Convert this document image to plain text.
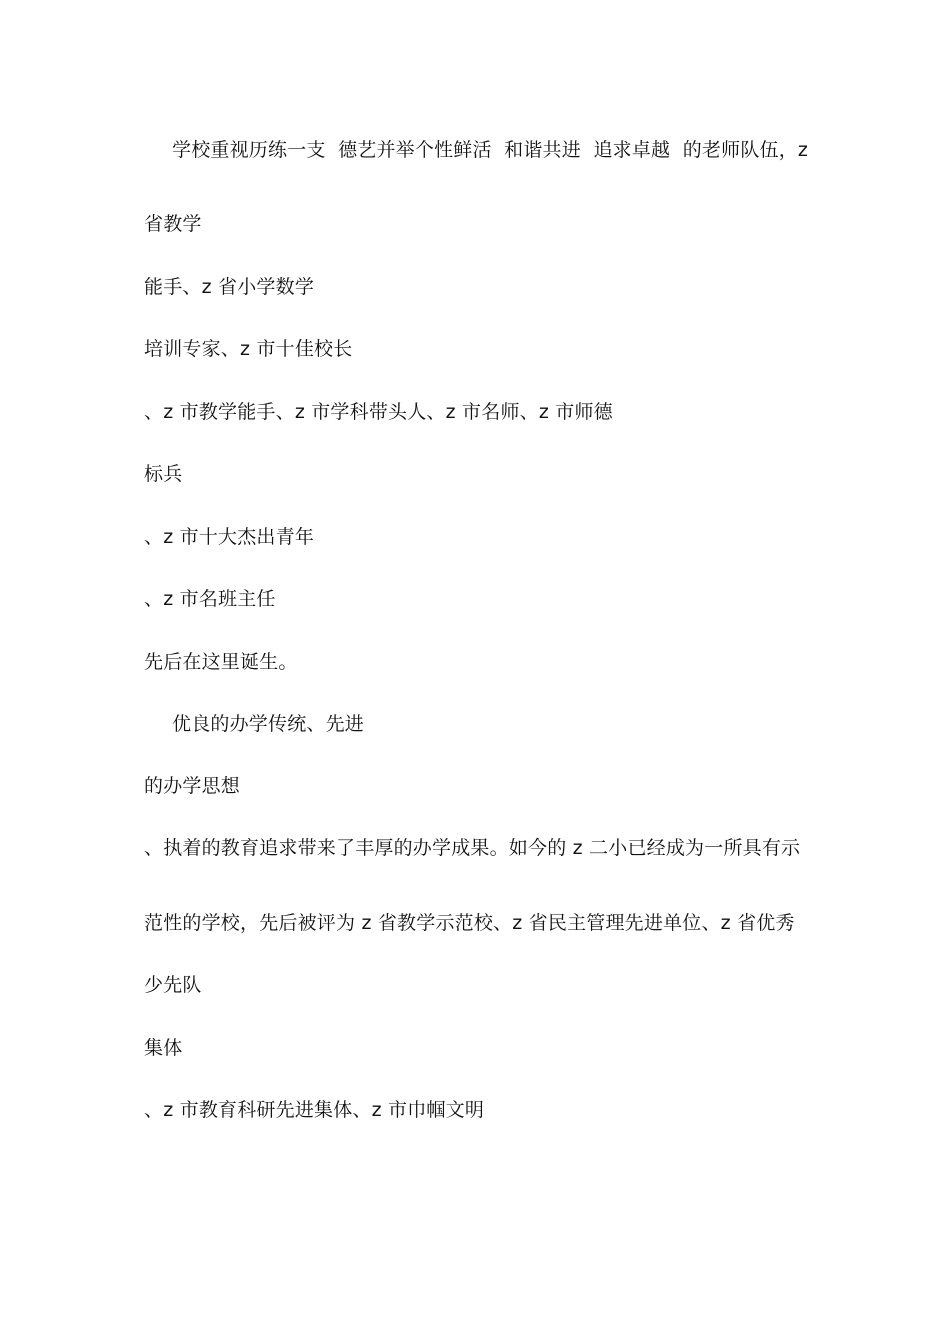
学校重视历练一支  德艺并举个性鲜活  和谐共进  追求卓越  的老师队伍，z
省教学
能手、z 省小学数学
培训专家、z 市十佳校长
、z 市教学能手、z 市学科带头人、z 市名师、z 市师德
标兵
、z 市十大杰出青年
、z 市名班主任
先后在这里诞生。
优良的办学传统、先进
的办学思想
、执着的教育追求带来了丰厚的办学成果。如今的 z 二小已经成为一所具有示
范性的学校，先后被评为 z 省教学示范校、z 省民主管理先进单位、z 省优秀
少先队
集体
、z 市教育科研先进集体、z 市巾帼文明
